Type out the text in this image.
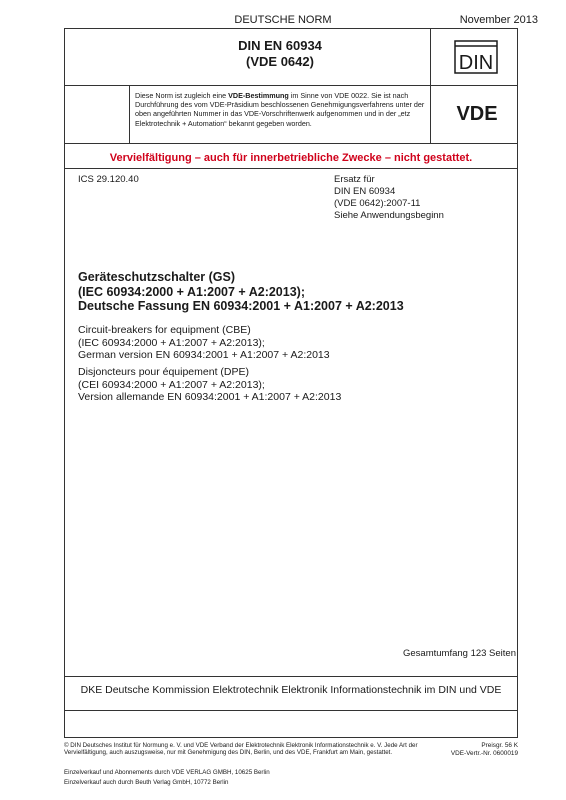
DEUTSCHE NORM	November 2013
DIN EN 60934
(VDE 0642)	DIN
VDE
Diese Norm ist zugleich eine VDE-Bestimmung im Sinne von VDE 0022. Sie ist nach Durchführung des vom VDE-Präsidium beschlossenen Genehmigungsverfahrens unter der oben angeführten Nummer in das VDE-Vorschriftenwerk aufgenommen und in der „etz Elektrotechnik + Automation“ bekannt gegeben worden.
Vervielfältigung – auch für innerbetriebliche Zwecke – nicht gestattet.
ICS 29.120.40	Ersatz für
DIN EN 60934
(VDE 0642):2007-11
Siehe Anwendungsbeginn
Geräteschutzschalter (GS)
(IEC 60934:2000 + A1:2007 + A2:2013);
Deutsche Fassung EN 60934:2001 + A1:2007 + A2:2013
Circuit-breakers for equipment (CBE)
(IEC 60934:2000 + A1:2007 + A2:2013);
German version EN 60934:2001 + A1:2007 + A2:2013
Disjoncteurs pour équipement (DPE)
(CEI 60934:2000 + A1:2007 + A2:2013);
Version allemande EN 60934:2001 + A1:2007 + A2:2013
Gesamtumfang 123 Seiten
DKE Deutsche Kommission Elektrotechnik Elektronik Informationstechnik im DIN und VDE
© DIN Deutsches Institut für Normung e. V. und VDE Verband der Elektrotechnik Elektronik Informationstechnik e. V. Jede Art der Vervielfältigung, auch auszugsweise, nur mit Genehmigung des DIN, Berlin, und des VDE, Frankfurt am Main, gestattet.
Einzelverkauf und Abonnements durch VDE VERLAG GMBH, 10625 Berlin
Einzelverkauf auch durch Beuth Verlag GmbH, 10772 Berlin
Preisgr. 56 K
VDE-Vertr.-Nr. 0600019
